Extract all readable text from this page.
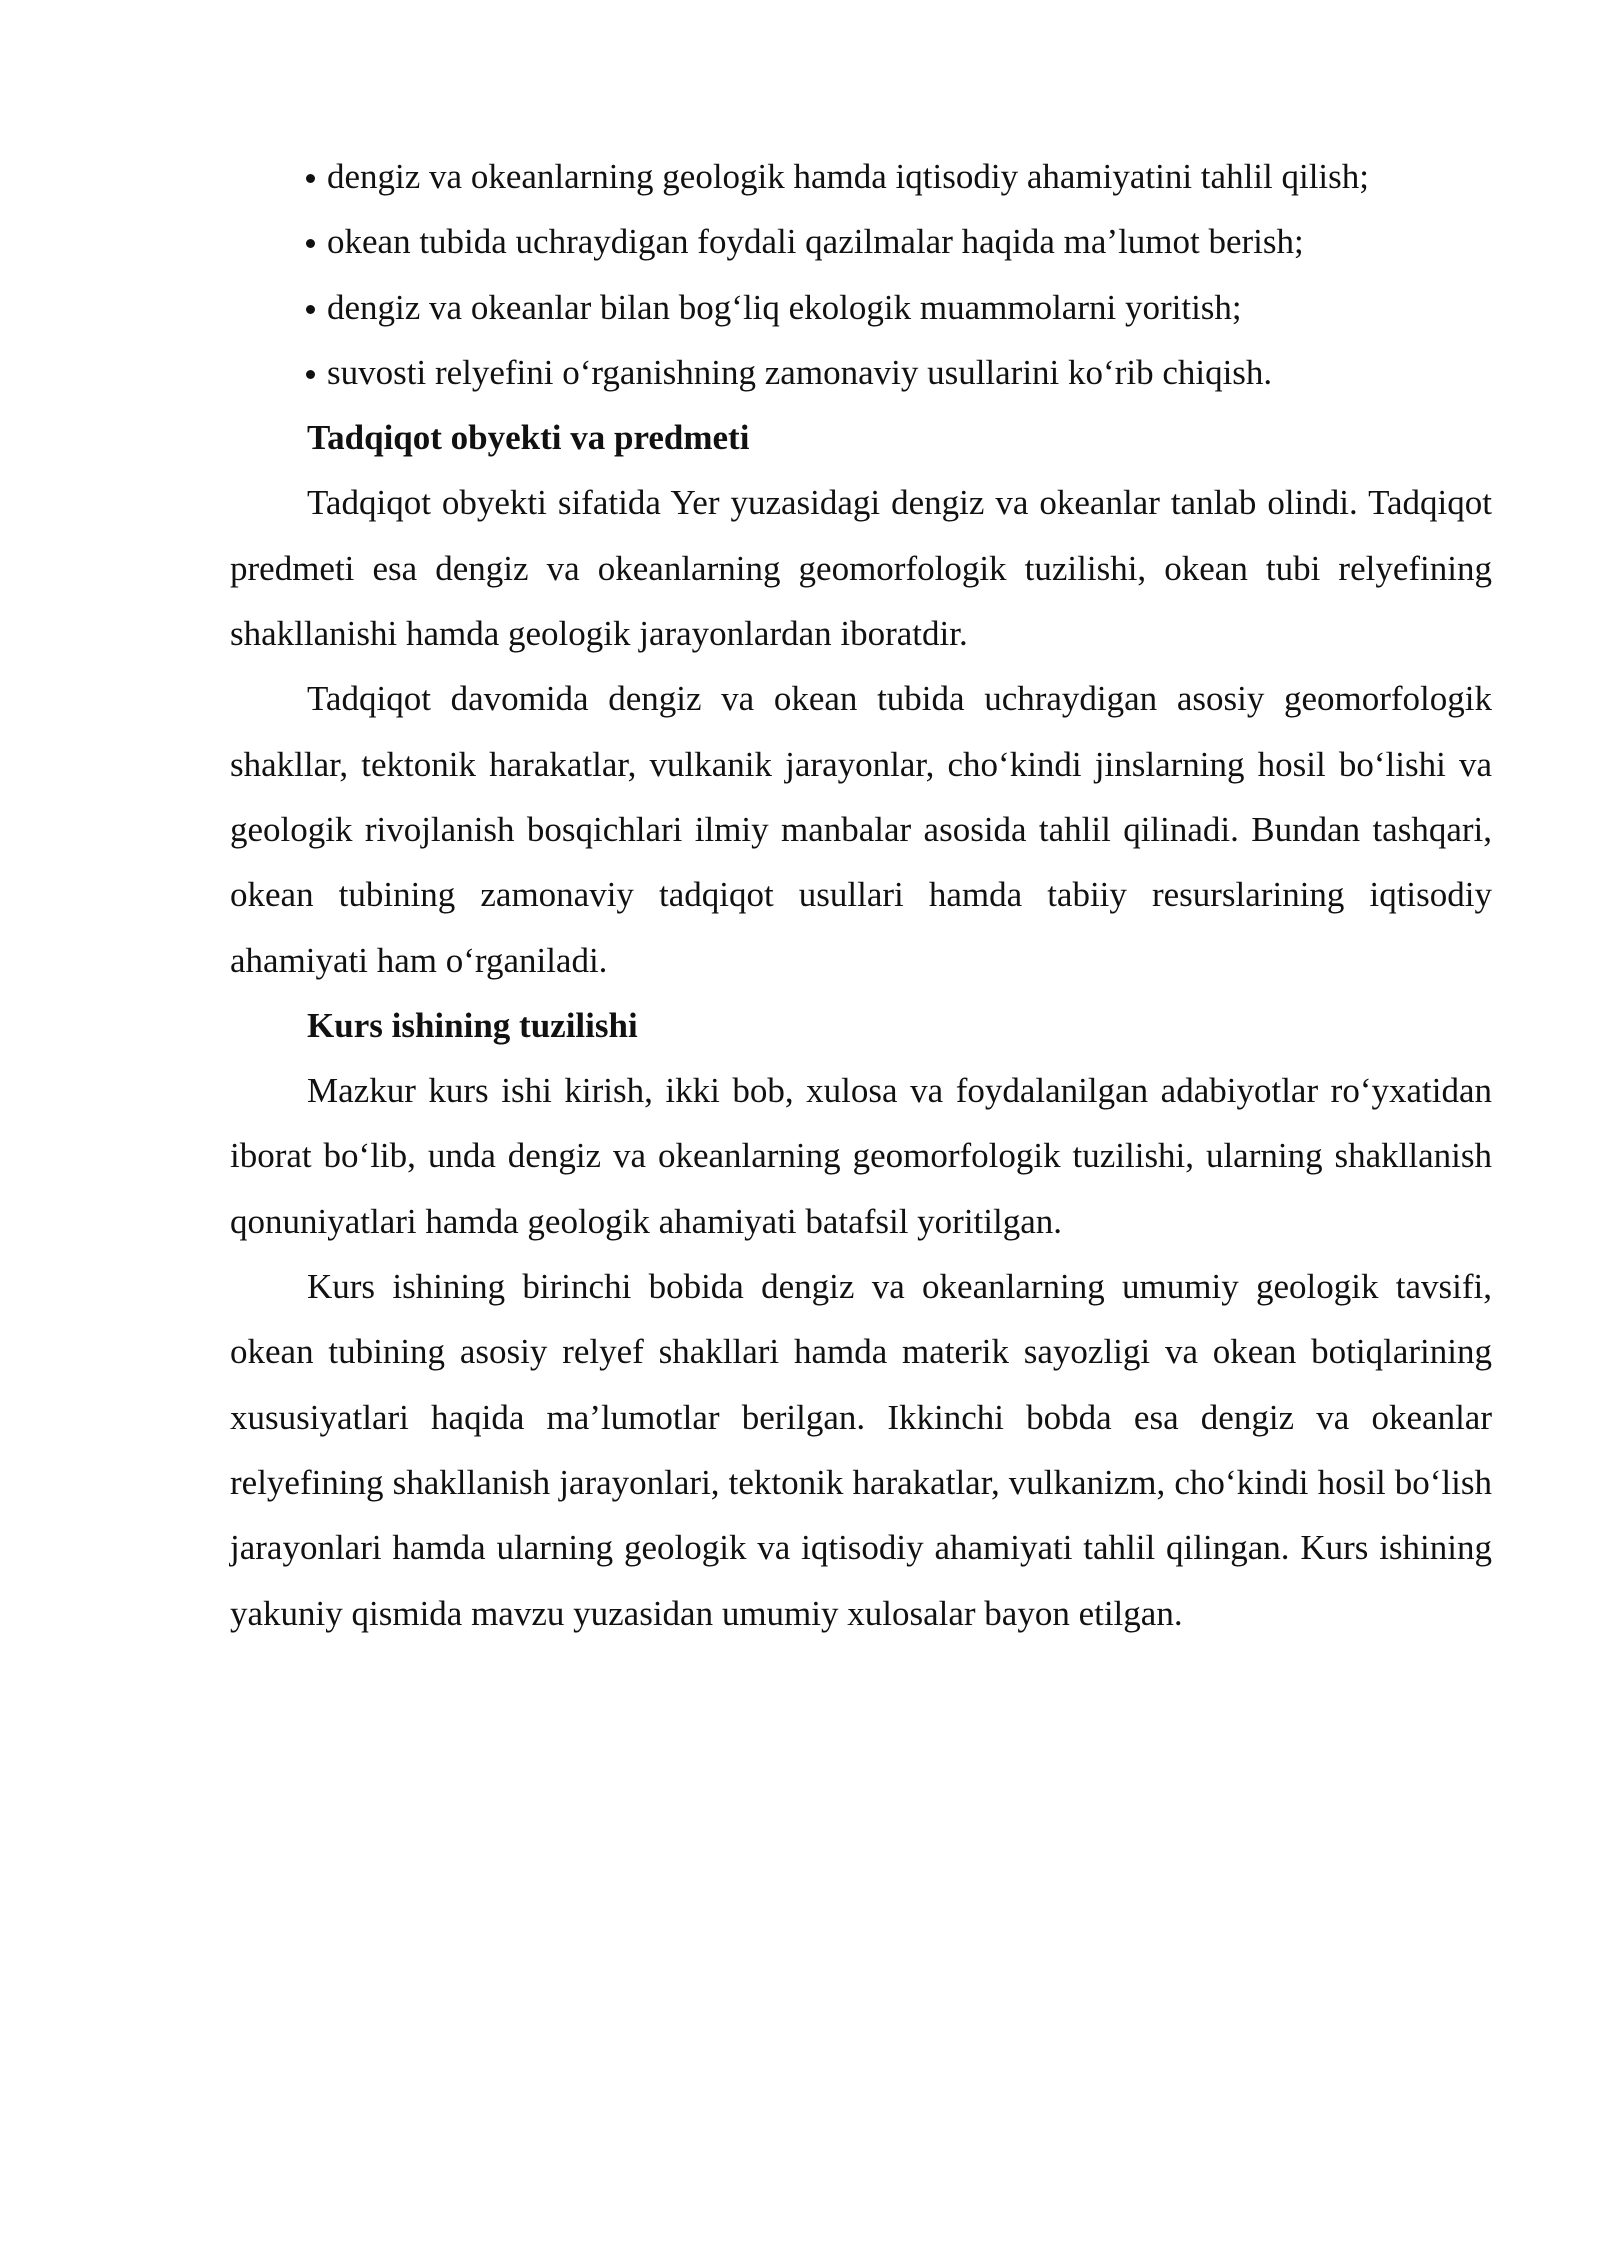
dengiz va okeanlarning geologik hamda iqtisodiy ahamiyatini tahlil qilish;
okean tubida uchraydigan foydali qazilmalar haqida ma’lumot berish;
dengiz va okeanlar bilan bog‘liq ekologik muammolarni yoritish;
suvosti relyefini o‘rganishning zamonaviy usullarini ko‘rib chiqish.
Tadqiqot obyekti va predmeti

Tadqiqot obyekti sifatida Yer yuzasidagi dengiz va okeanlar tanlab olindi. Tadqiqot predmeti esa dengiz va okeanlarning geomorfologik tuzilishi, okean tubi relyefining shakllanishi hamda geologik jarayonlardan iboratdir.

Tadqiqot davomida dengiz va okean tubida uchraydigan asosiy geomorfologik shakllar, tektonik harakatlar, vulkanik jarayonlar, cho‘kindi jinslarning hosil bo‘lishi va geologik rivojlanish bosqichlari ilmiy manbalar asosida tahlil qilinadi. Bundan tashqari, okean tubining zamonaviy tadqiqot usullari hamda tabiiy resurslarining iqtisodiy ahamiyati ham o‘rganiladi.

Kurs ishining tuzilishi

Mazkur kurs ishi kirish, ikki bob, xulosa va foydalanilgan adabiyotlar ro‘yxatidan iborat bo‘lib, unda dengiz va okeanlarning geomorfologik tuzilishi, ularning shakllanish qonuniyatlari hamda geologik ahamiyati batafsil yoritilgan.

Kurs ishining birinchi bobida dengiz va okeanlarning umumiy geologik tavsifi, okean tubining asosiy relyef shakllari hamda materik sayozligi va okean botiqlarining xususiyatlari haqida ma’lumotlar berilgan. Ikkinchi bobda esa dengiz va okeanlar relyefining shakllanish jarayonlari, tektonik harakatlar, vulkanizm, cho‘kindi hosil bo‘lish jarayonlari hamda ularning geologik va iqtisodiy ahamiyati tahlil qilingan. Kurs ishining yakuniy qismida mavzu yuzasidan umumiy xulosalar bayon etilgan.
